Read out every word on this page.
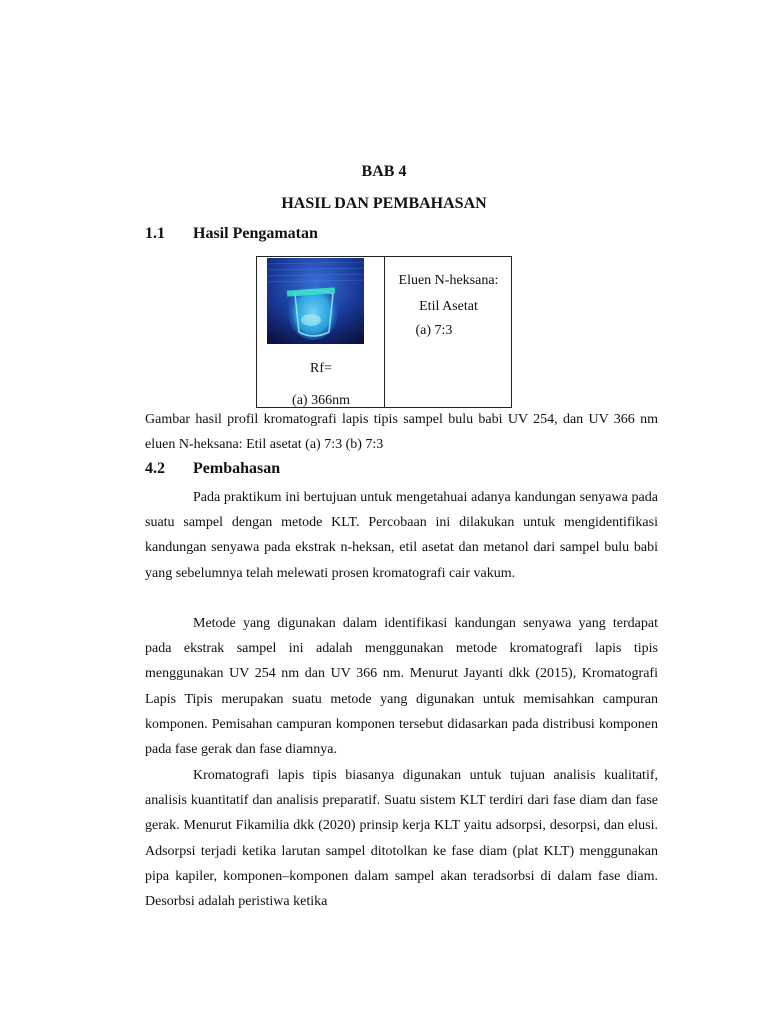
BAB 4

HASIL DAN PEMBAHASAN

1.1 Hasil Pengamatan

Rf=
(a) 366nm

Eluen N-heksana:
Etil Asetat
(a) 7:3

Gambar hasil profil kromatografi lapis tipis sampel bulu babi UV 254, dan UV 366 nm eluen N-heksana: Etil asetat (a) 7:3 (b) 7:3

4.2 Pembahasan

Pada praktikum ini bertujuan untuk mengetahuai adanya kandungan senyawa pada suatu sampel dengan metode KLT. Percobaan ini dilakukan untuk mengidentifikasi kandungan senyawa pada ekstrak n-heksan, etil asetat dan metanol dari sampel bulu babi yang sebelumnya telah melewati prosen kromatografi cair vakum.

Metode yang digunakan dalam identifikasi kandungan senyawa yang terdapat pada ekstrak sampel ini adalah menggunakan metode kromatografi lapis tipis menggunakan UV 254 nm dan UV 366 nm. Menurut Jayanti dkk (2015), Kromatografi Lapis Tipis merupakan suatu metode yang digunakan untuk memisahkan campuran komponen. Pemisahan campuran komponen tersebut didasarkan pada distribusi komponen pada fase gerak dan fase diamnya.

Kromatografi lapis tipis biasanya digunakan untuk tujuan analisis kualitatif, analisis kuantitatif dan analisis preparatif. Suatu sistem KLT terdiri dari fase diam dan fase gerak. Menurut Fikamilia dkk (2020) prinsip kerja KLT yaitu adsorpsi, desorpsi, dan elusi. Adsorpsi terjadi ketika larutan sampel ditotolkan ke fase diam (plat KLT) menggunakan pipa kapiler, komponen–komponen dalam sampel akan teradsorbsi di dalam fase diam. Desorbsi adalah peristiwa ketika
